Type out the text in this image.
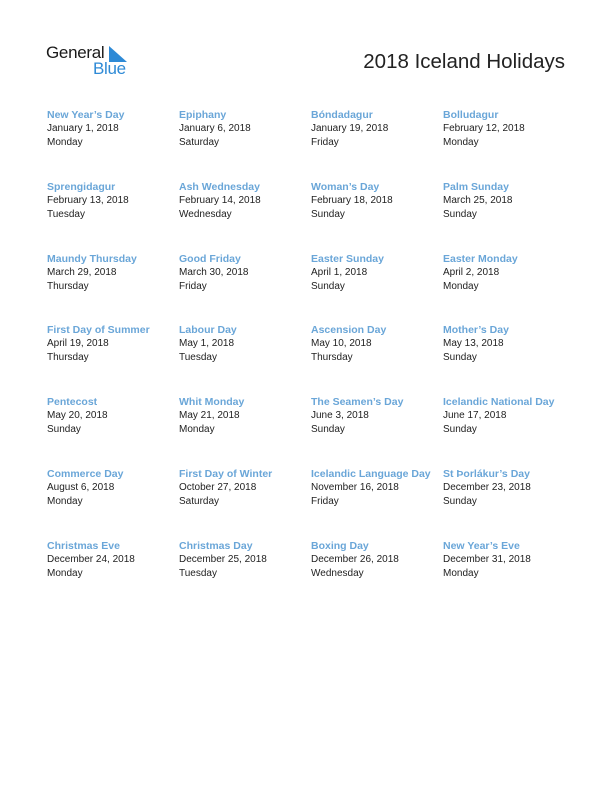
General
Blue	2018 Iceland Holidays
New Year’s Day
January 1, 2018
Monday
Epiphany
January 6, 2018
Saturday
Bóndadagur
January 19, 2018
Friday
Bolludagur
February 12, 2018
Monday
Sprengidagur
February 13, 2018
Tuesday
Ash Wednesday
February 14, 2018
Wednesday
Woman’s Day
February 18, 2018
Sunday
Palm Sunday
March 25, 2018
Sunday
Maundy Thursday
March 29, 2018
Thursday
Good Friday
March 30, 2018
Friday
Easter Sunday
April 1, 2018
Sunday
Easter Monday
April 2, 2018
Monday
First Day of Summer
April 19, 2018
Thursday
Labour Day
May 1, 2018
Tuesday
Ascension Day
May 10, 2018
Thursday
Mother’s Day
May 13, 2018
Sunday
Pentecost
May 20, 2018
Sunday
Whit Monday
May 21, 2018
Monday
The Seamen’s Day
June 3, 2018
Sunday
Icelandic National Day
June 17, 2018
Sunday
Commerce Day
August 6, 2018
Monday
First Day of Winter
October 27, 2018
Saturday
Icelandic Language Day
November 16, 2018
Friday
St Þorlákur’s Day
December 23, 2018
Sunday
Christmas Eve
December 24, 2018
Monday
Christmas Day
December 25, 2018
Tuesday
Boxing Day
December 26, 2018
Wednesday
New Year’s Eve
December 31, 2018
Monday
